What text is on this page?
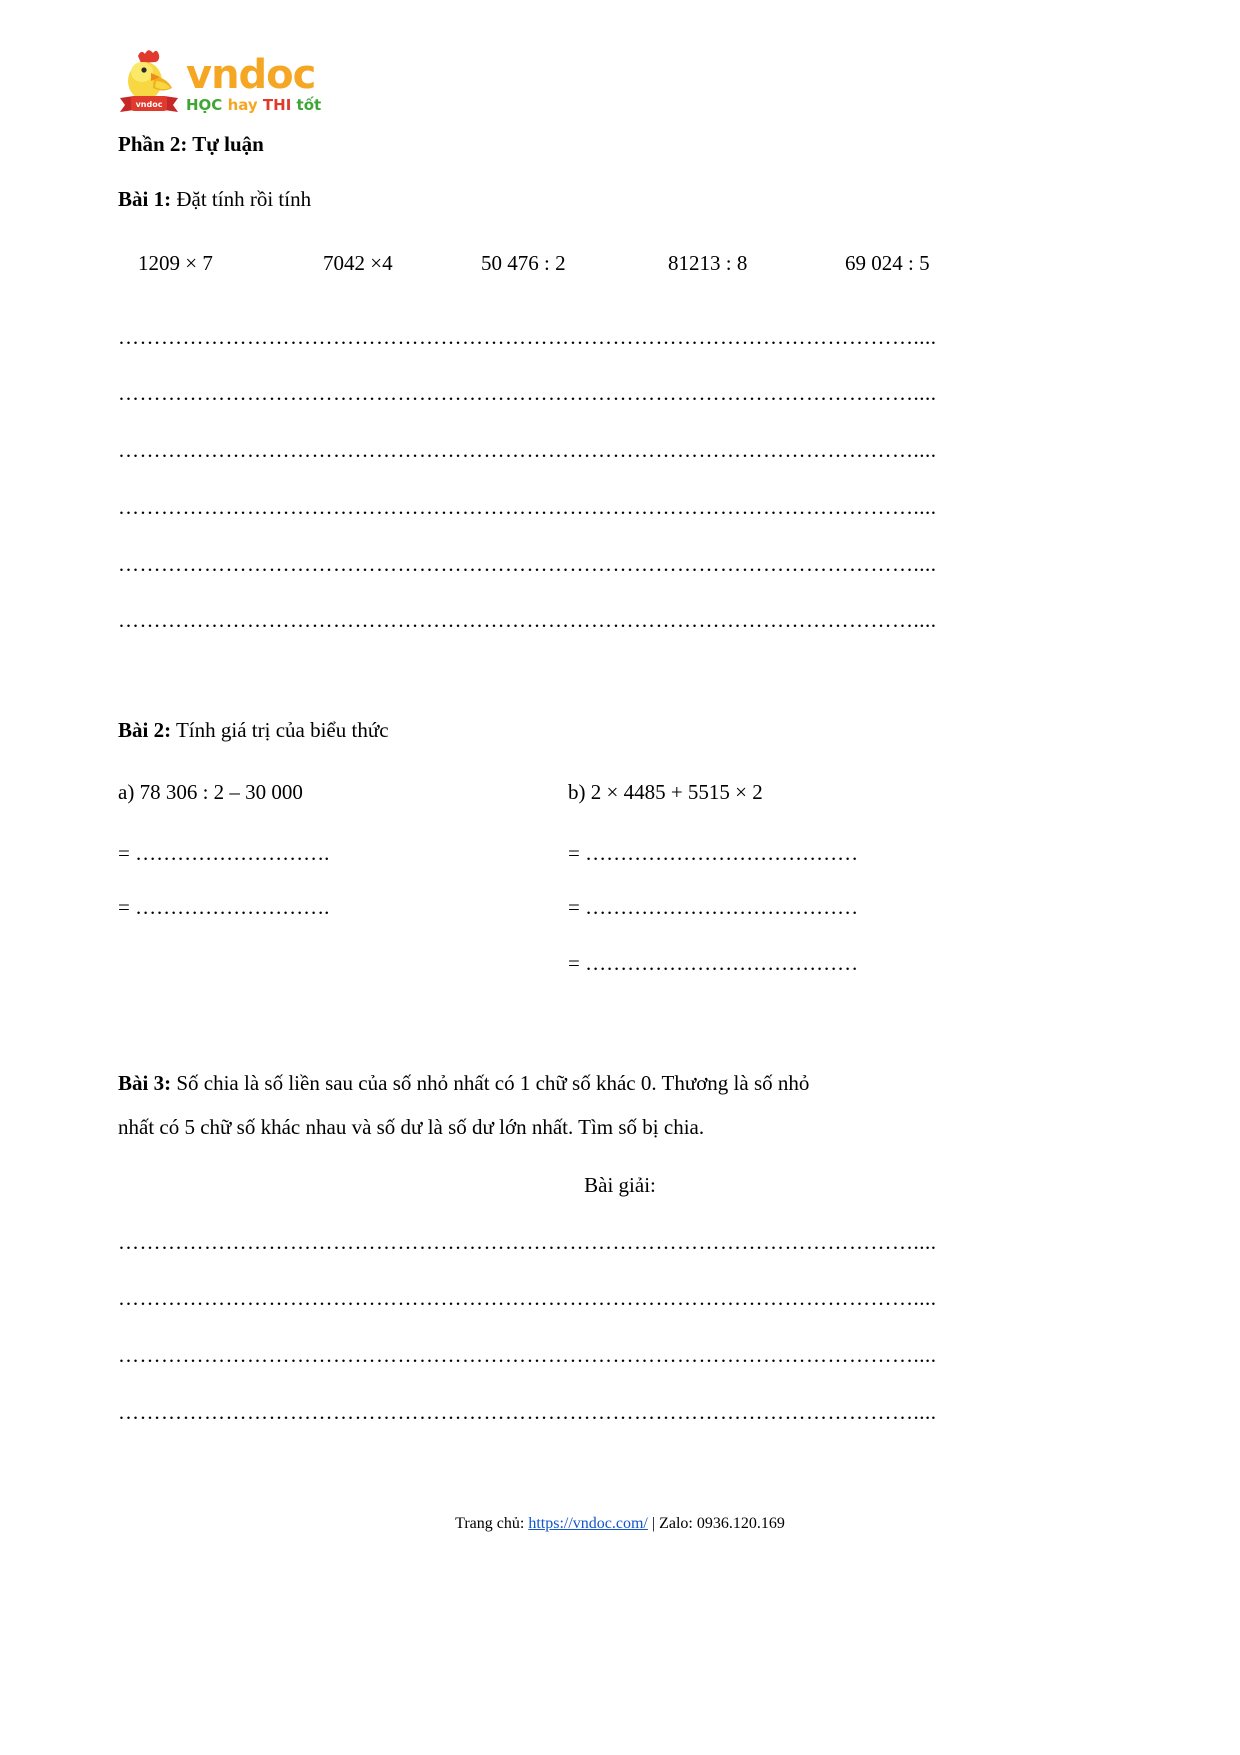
vndoc
vndoc
HỌC hay THI tốt
Phần 2: Tự luận
Bài 1: Đặt tính rồi tính
1209 × 7	7042 ×4	50 476 : 2	81213 : 8	69 024 : 5
…………………………………………………………………………………………………....
…………………………………………………………………………………………………....
…………………………………………………………………………………………………....
…………………………………………………………………………………………………....
…………………………………………………………………………………………………....
…………………………………………………………………………………………………....
Bài 2: Tính giá trị của biểu thức
a) 78 306 : 2 – 30 000	b) 2 × 4485 + 5515 × 2
= ……………………….
= ……………………….
= …………………………………
= …………………………………
= …………………………………
Bài 3: Số chia là số liền sau của số nhỏ nhất có 1 chữ số khác 0. Thương là số nhỏ
nhất có 5 chữ số khác nhau và số dư là số dư lớn nhất. Tìm số bị chia.
Bài giải:
…………………………………………………………………………………………………....
…………………………………………………………………………………………………....
…………………………………………………………………………………………………....
…………………………………………………………………………………………………....
Trang chủ: https://vndoc.com/ | Zalo: 0936.120.169
